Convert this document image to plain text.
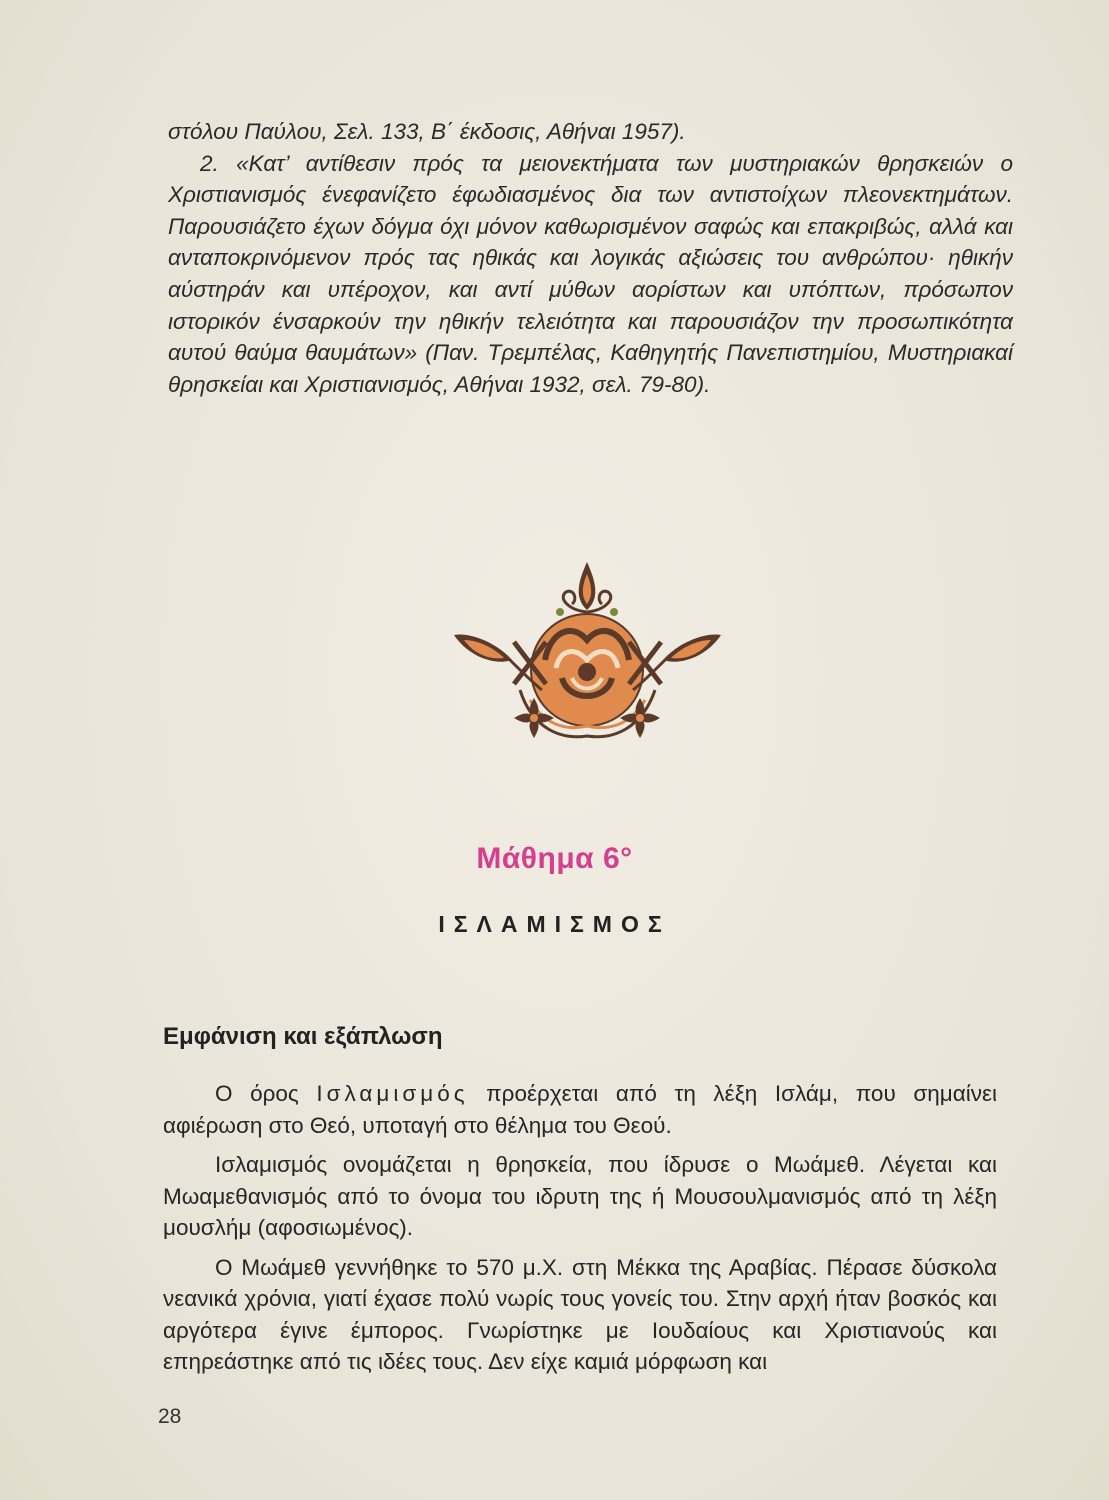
στόλου Παύλου, Σελ. 133, Β΄ έκδοσις, Αθήναι 1957).

2. «Κατ’ αντίθεσιν πρός τα μειονεκτήματα των μυστηριακών θρησκειών ο Χριστιανισμός ένεφανίζετο έφωδιασμένος δια των αντιστοίχων πλεονεκτημάτων. Παρουσιάζετο έχων δόγμα όχι μόνον καθωρισμένον σαφώς και επακριβώς, αλλά και ανταποκρινόμενον πρός τας ηθικάς και λογικάς αξιώσεις του ανθρώπου· ηθικήν αύστηράν και υπέροχον, και αντί μύθων αορίστων και υπόπτων, πρόσωπον ιστορικόν ένσαρκούν την ηθικήν τελειότητα και παρουσιάζον την προσωπικότητα αυτού θαύμα θαυμάτων» (Παν. Τρεμπέλας, Καθηγητής Πανεπιστημίου, Μυστηριακαί θρησκείαι και Χριστιανισμός, Αθήναι 1932, σελ. 79-80).

Μάθημα 6°
ΙΣΛΑΜΙΣΜΟΣ
Εμφάνιση και εξάπλωση

Ο όρος Ισλαμισμός προέρχεται από τη λέξη Ισλάμ, που σημαίνει αφιέρωση στο Θεό, υποταγή στο θέλημα του Θεού.

Ισλαμισμός ονομάζεται η θρησκεία, που ίδρυσε ο Μωάμεθ. Λέγεται και Μωαμεθανισμός από το όνομα του ιδρυτη της ή Μουσουλμανισμός από τη λέξη μουσλήμ (αφοσιωμένος).

Ο Μωάμεθ γεννήθηκε το 570 μ.Χ. στη Μέκκα της Αραβίας. Πέρασε δύσκολα νεανικά χρόνια, γιατί έχασε πολύ νωρίς τους γονείς του. Στην αρχή ήταν βοσκός και αργότερα έγινε έμπορος. Γνωρίστηκε με Ιουδαίους και Χριστιανούς και επηρεάστηκε από τις ιδέες τους. Δεν είχε καμιά μόρφωση και

28
